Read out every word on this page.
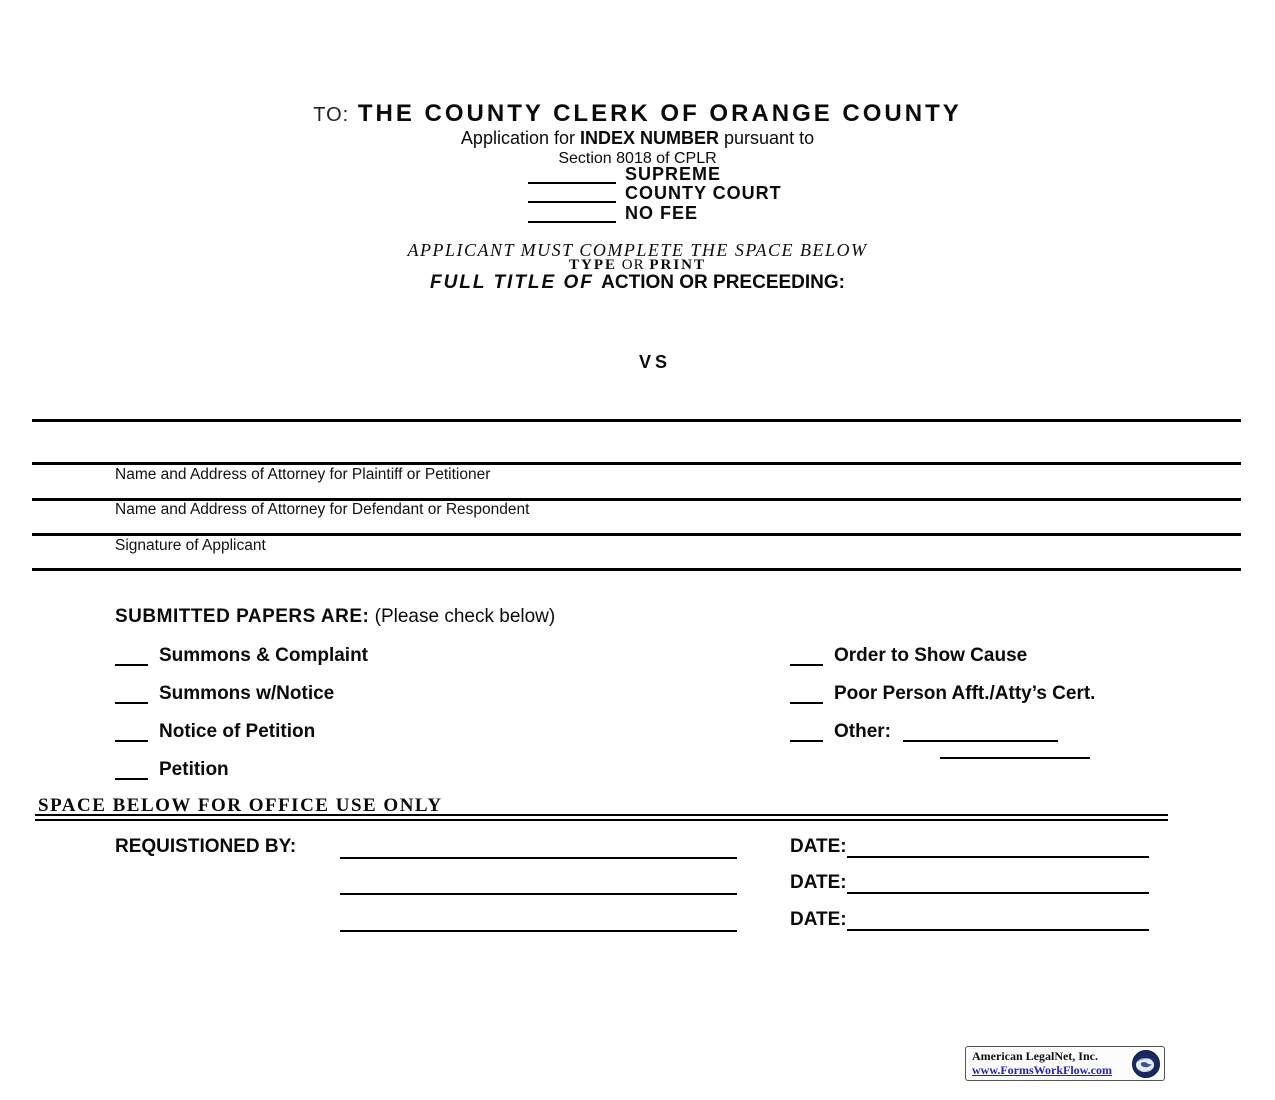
TO: THE COUNTY CLERK OF ORANGE COUNTY
Application for INDEX NUMBER pursuant to
Section 8018 of CPLR
SUPREME
COUNTY COURT
NO FEE
APPLICANT MUST COMPLETE THE SPACE BELOW
TYPE OR PRINT
FULL TITLE OF ACTION OR PRECEEDING:
VS
Name and Address of Attorney for Plaintiff or Petitioner
Name and Address of Attorney for Defendant or Respondent
Signature of Applicant
SUBMITTED PAPERS ARE: (Please check below)
Summons & Complaint
Summons w/Notice
Notice of Petition
Petition
Order to Show Cause
Poor Person Afft./Atty’s Cert.
Other:
SPACE BELOW FOR OFFICE USE ONLY
REQUISTIONED BY:	DATE:
DATE:
DATE:
American LegalNet, Inc.
www.FormsWorkFlow.com
